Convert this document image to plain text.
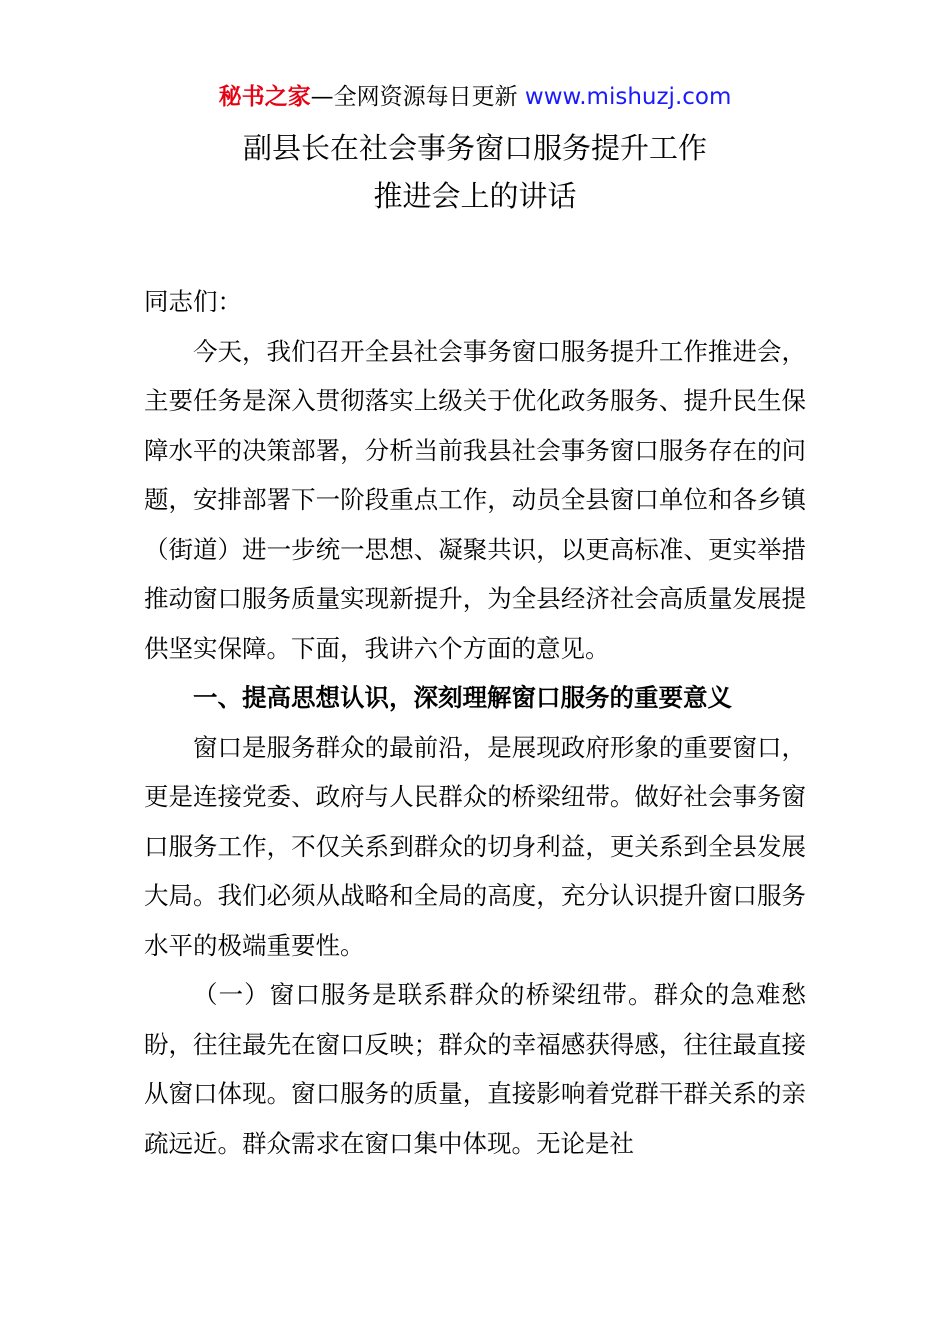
秘书之家—全网资源每日更新 www.mishuzj.com
副县长在社会事务窗口服务提升工作
推进会上的讲话

同志们：

今天，我们召开全县社会事务窗口服务提升工作推进会，主要任务是深入贯彻落实上级关于优化政务服务、提升民生保障水平的决策部署，分析当前我县社会事务窗口服务存在的问题，安排部署下一阶段重点工作，动员全县窗口单位和各乡镇（街道）进一步统一思想、凝聚共识，以更高标准、更实举措推动窗口服务质量实现新提升，为全县经济社会高质量发展提供坚实保障。下面，我讲六个方面的意见。

一、提高思想认识，深刻理解窗口服务的重要意义

窗口是服务群众的最前沿，是展现政府形象的重要窗口，更是连接党委、政府与人民群众的桥梁纽带。做好社会事务窗口服务工作，不仅关系到群众的切身利益，更关系到全县发展大局。我们必须从战略和全局的高度，充分认识提升窗口服务水平的极端重要性。

（一）窗口服务是联系群众的桥梁纽带。群众的急难愁盼，往往最先在窗口反映；群众的幸福感获得感，往往最直接从窗口体现。窗口服务的质量，直接影响着党群干群关系的亲疏远近。群众需求在窗口集中体现。无论是社
